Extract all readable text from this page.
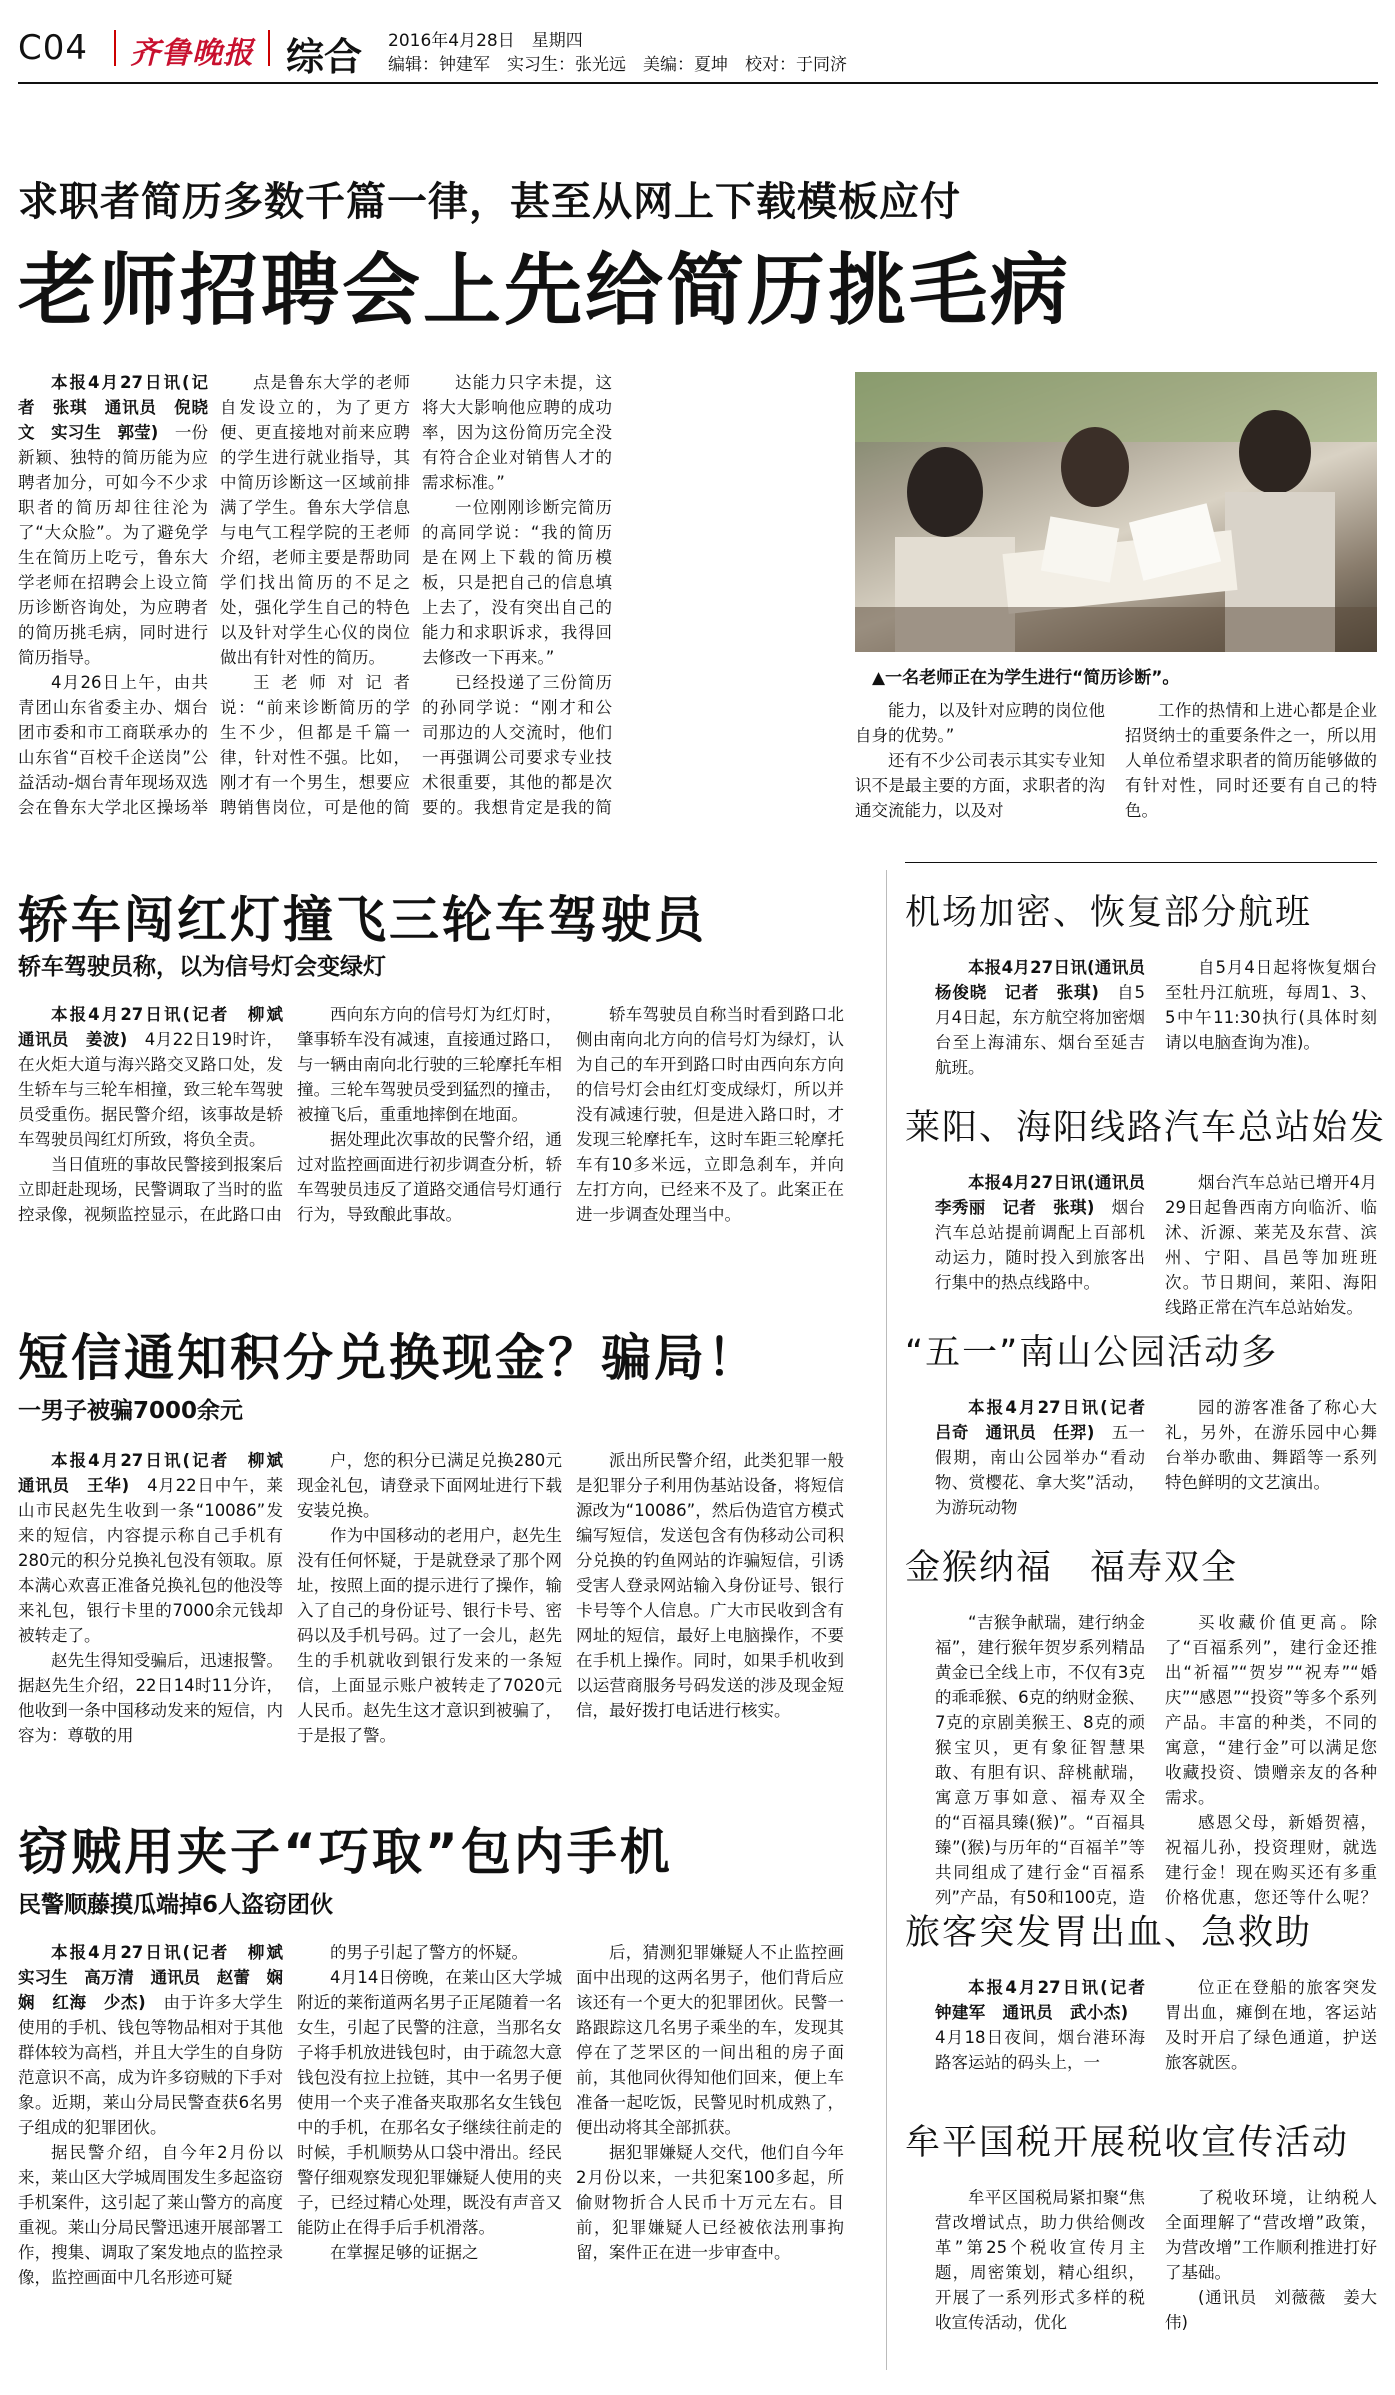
C04 齐鲁晚报 综合 2016年4月28日　星期四
编辑：钟建军　实习生：张光远　美编：夏坤　校对：于同济
求职者简历多数千篇一律，甚至从网上下载模板应付
老师招聘会上先给简历挑毛病

本报4月27日讯(记者　张琪　通讯员　倪晓文　实习生　郭莹)　一份新颖、独特的简历能为应聘者加分，可如今不少求职者的简历却往往沦为了“大众脸”。为了避免学生在简历上吃亏，鲁东大学老师在招聘会上设立简历诊断咨询处，为应聘者的简历挑毛病，同时进行简历指导。

4月26日上午，由共青团山东省委主办、烟台团市委和市工商联承办的山东省“百校千企送岗”公益活动-烟台青年现场双选会在鲁东大学北区操场举

点是鲁东大学的老师自发设立的，为了更方便、更直接地对前来应聘的学生进行就业指导，其中简历诊断这一区域前排满了学生。鲁东大学信息与电气工程学院的王老师介绍，老师主要是帮助同学们找出简历的不足之处，强化学生自己的特色以及针对学生心仪的岗位做出有针对性的简历。

王老师对记者说：“前来诊断简历的学生不少，但都是千篇一律，针对性不强。比如，刚才有一个男生，想要应聘销售岗位，可是他的简

达能力只字未提，这将大大影响他应聘的成功率，因为这份简历完全没有符合企业对销售人才的需求标准。”

一位刚刚诊断完简历的高同学说：“我的简历是在网上下载的简历模板，只是把自己的信息填上去了，没有突出自己的能力和求职诉求，我得回去修改一下再来。”

已经投递了三份简历的孙同学说：“刚才和公司那边的人交流时，他们一再强调公司要求专业技术很重要，其他的都是次要的。我想肯定是我的简

▲一名老师正在为学生进行“简历诊断”。

能力，以及针对应聘的岗位他自身的优势。”

还有不少公司表示其实专业知识不是最主要的方面，求职者的沟通交流能力，以及对

工作的热情和上进心都是企业招贤纳士的重要条件之一，所以用人单位希望求职者的简历能够做的有针对性，同时还要有自己的特色。

轿车闯红灯撞飞三轮车驾驶员
轿车驾驶员称，以为信号灯会变绿灯

本报4月27日讯(记者　柳斌　通讯员　姜波)　4月22日19时许，在火炬大道与海兴路交叉路口处，发生轿车与三轮车相撞，致三轮车驾驶员受重伤。据民警介绍，该事故是轿车驾驶员闯红灯所致，将负全责。

当日值班的事故民警接到报案后立即赶赴现场，民警调取了当时的监控录像，视频监控显示，在此路口由

西向东方向的信号灯为红灯时，肇事轿车没有减速，直接通过路口，与一辆由南向北行驶的三轮摩托车相撞。三轮车驾驶员受到猛烈的撞击，被撞飞后，重重地摔倒在地面。

据处理此次事故的民警介绍，通过对监控画面进行初步调查分析，轿车驾驶员违反了道路交通信号灯通行行为，导致酿此事故。

轿车驾驶员自称当时看到路口北侧由南向北方向的信号灯为绿灯，认为自己的车开到路口时由西向东方向的信号灯会由红灯变成绿灯，所以并没有减速行驶，但是进入路口时，才发现三轮摩托车，这时车距三轮摩托车有10多米远，立即急刹车，并向左打方向，已经来不及了。此案正在进一步调查处理当中。

短信通知积分兑换现金？骗局！
一男子被骗7000余元

本报4月27日讯(记者　柳斌　通讯员　王华)　4月22日中午，莱山市民赵先生收到一条“10086”发来的短信，内容提示称自己手机有280元的积分兑换礼包没有领取。原本满心欢喜正准备兑换礼包的他没等来礼包，银行卡里的7000余元钱却被转走了。

赵先生得知受骗后，迅速报警。据赵先生介绍，22日14时11分许，他收到一条中国移动发来的短信，内容为：尊敬的用

户，您的积分已满足兑换280元现金礼包，请登录下面网址进行下载安装兑换。

作为中国移动的老用户，赵先生没有任何怀疑，于是就登录了那个网址，按照上面的提示进行了操作，输入了自己的身份证号、银行卡号、密码以及手机号码。过了一会儿，赵先生的手机就收到银行发来的一条短信，上面显示账户被转走了7020元人民币。赵先生这才意识到被骗了，于是报了警。

派出所民警介绍，此类犯罪一般是犯罪分子利用伪基站设备，将短信源改为“10086”，然后伪造官方模式编写短信，发送包含有伪移动公司积分兑换的钓鱼网站的诈骗短信，引诱受害人登录网站输入身份证号、银行卡号等个人信息。广大市民收到含有网址的短信，最好上电脑操作，不要在手机上操作。同时，如果手机收到以运营商服务号码发送的涉及现金短信，最好拨打电话进行核实。

窃贼用夹子“巧取”包内手机
民警顺藤摸瓜端掉6人盗窃团伙

本报4月27日讯(记者　柳斌　实习生　高万清　通讯员　赵蕾　娴娴　红海　少杰)　由于许多大学生使用的手机、钱包等物品相对于其他群体较为高档，并且大学生的自身防范意识不高，成为许多窃贼的下手对象。近期，莱山分局民警查获6名男子组成的犯罪团伙。

据民警介绍，自今年2月份以来，莱山区大学城周围发生多起盗窃手机案件，这引起了莱山警方的高度重视。莱山分局民警迅速开展部署工作，搜集、调取了案发地点的监控录像，监控画面中几名形迹可疑

的男子引起了警方的怀疑。

4月14日傍晚，在莱山区大学城附近的莱衔道两名男子正尾随着一名女生，引起了民警的注意，当那名女子将手机放进钱包时，由于疏忽大意钱包没有拉上拉链，其中一名男子便使用一个夹子准备夹取那名女生钱包中的手机，在那名女子继续往前走的时候，手机顺势从口袋中滑出。经民警仔细观察发现犯罪嫌疑人使用的夹子，已经过精心处理，既没有声音又能防止在得手后手机滑落。

在掌握足够的证据之

后，猜测犯罪嫌疑人不止监控画面中出现的这两名男子，他们背后应该还有一个更大的犯罪团伙。民警一路跟踪这几名男子乘坐的车，发现其停在了芝罘区的一间出租的房子面前，其他同伙得知他们回来，便上车准备一起吃饭，民警见时机成熟了，便出动将其全部抓获。

据犯罪嫌疑人交代，他们自今年2月份以来，一共犯案100多起，所偷财物折合人民币十万元左右。目前，犯罪嫌疑人已经被依法刑事拘留，案件正在进一步审查中。

机场加密、恢复部分航班

本报4月27日讯(通讯员　杨俊晓　记者　张琪)　自5月4日起，东方航空将加密烟台至上海浦东、烟台至延吉航班。

自5月4日起将恢复烟台至牡丹江航班，每周1、3、5中午11:30执行(具体时刻请以电脑查询为准)。

莱阳、海阳线路汽车总站始发

本报4月27日讯(通讯员　李秀丽　记者　张琪)　烟台汽车总站提前调配上百部机动运力，随时投入到旅客出行集中的热点线路中。

烟台汽车总站已增开4月29日起鲁西南方向临沂、临沭、沂源、莱芜及东营、滨州、宁阳、昌邑等加班班次。节日期间，莱阳、海阳线路正常在汽车总站始发。

“五一”南山公园活动多

本报4月27日讯(记者　吕奇　通讯员　任羿)　五一假期，南山公园举办“看动物、赏樱花、拿大奖”活动，为游玩动物

园的游客准备了称心大礼，另外，在游乐园中心舞台举办歌曲、舞蹈等一系列特色鲜明的文艺演出。

金猴纳福　福寿双全

“吉猴争献瑞，建行纳金福”，建行猴年贺岁系列精品黄金已全线上市，不仅有3克的乖乖猴、6克的纳财金猴、7克的京剧美猴王、8克的顽猴宝贝，更有象征智慧果敢、有胆有识、辞桃献瑞，寓意万事如意、福寿双全的“百福具臻(猴)”。“百福具臻”(猴)与历年的“百福羊”等共同组成了建行金“百福系列”产品，有50和100克，造

买收藏价值更高。除了“百福系列”，建行金还推出“祈福”“贺岁”“祝寿”“婚庆”“感恩”“投资”等多个系列产品。丰富的种类，不同的寓意，“建行金”可以满足您收藏投资、馈赠亲友的各种需求。

感恩父母，新婚贺禧，祝福儿孙，投资理财，就选建行金！现在购买还有多重价格优惠，您还等什么呢？

旅客突发胃出血、急救助

本报4月27日讯(记者　钟建军　通讯员　武小杰)　4月18日夜间，烟台港环海路客运站的码头上，一

位正在登船的旅客突发胃出血，瘫倒在地，客运站及时开启了绿色通道，护送旅客就医。

牟平国税开展税收宣传活动

牟平区国税局紧扣聚“焦营改增试点，助力供给侧改革”第25个税收宣传月主题，周密策划，精心组织，开展了一系列形式多样的税收宣传活动，优化

了税收环境，让纳税人全面理解了“营改增”政策，为营改增”工作顺利推进打好了基础。

(通讯员　刘薇薇　姜大伟)
